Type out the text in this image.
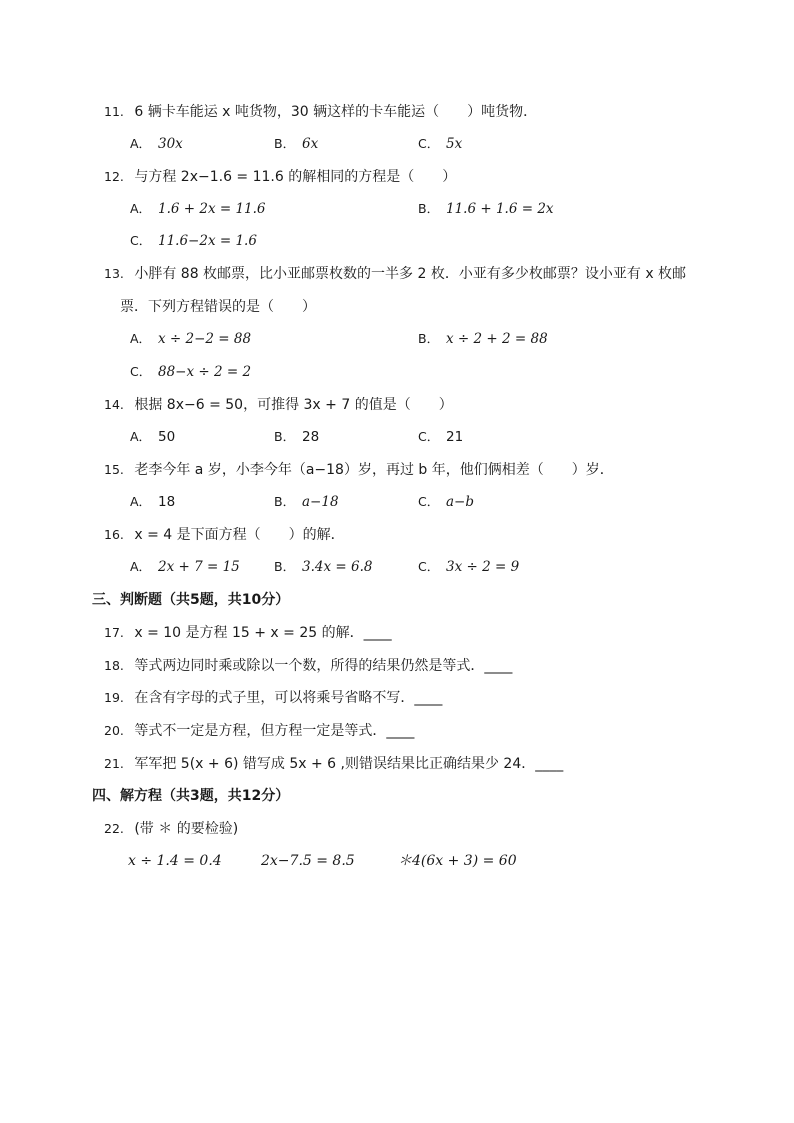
11. 6 辆卡车能运 x 吨货物，30 辆这样的卡车能运（　　）吨货物．
A． 30x	B． 6x	C． 5x
12. 与方程 2x−1.6 = 11.6 的解相同的方程是（　　）
A． 1.6 + 2x = 11.6	B． 11.6 + 1.6 = 2x
C． 11.6−2x = 1.6
13. 小胖有 88 枚邮票，比小亚邮票枚数的一半多 2 枚．小亚有多少枚邮票？设小亚有 x 枚邮
票．下列方程错误的是（　　）
A． x ÷ 2−2 = 88	B． x ÷ 2 + 2 = 88
C． 88−x ÷ 2 = 2
14. 根据 8x−6 = 50，可推得 3x + 7 的值是（　　）
A． 50	B． 28	C． 21
15. 老李今年 a 岁，小李今年（a−18）岁，再过 b 年，他们俩相差（　　）岁．
A． 18	B． a−18	C． a−b
16. x = 4 是下面方程（　　）的解．
A． 2x + 7 = 15	B． 3.4x = 6.8	C． 3x ÷ 2 = 9
三、判断题（共5题，共10分）
17. x = 10 是方程 15 + x = 25 的解．____
18. 等式两边同时乘或除以一个数，所得的结果仍然是等式．____
19. 在含有字母的式子里，可以将乘号省略不写．____
20. 等式不一定是方程，但方程一定是等式．____
21. 军军把 5(x + 6) 错写成 5x + 6 ,则错误结果比正确结果少 24．____
四、解方程（共3题，共12分）
22. (带 ＊ 的要检验)
x ÷ 1.4 = 0.4	2x−7.5 = 8.5	＊4(6x + 3) = 60
